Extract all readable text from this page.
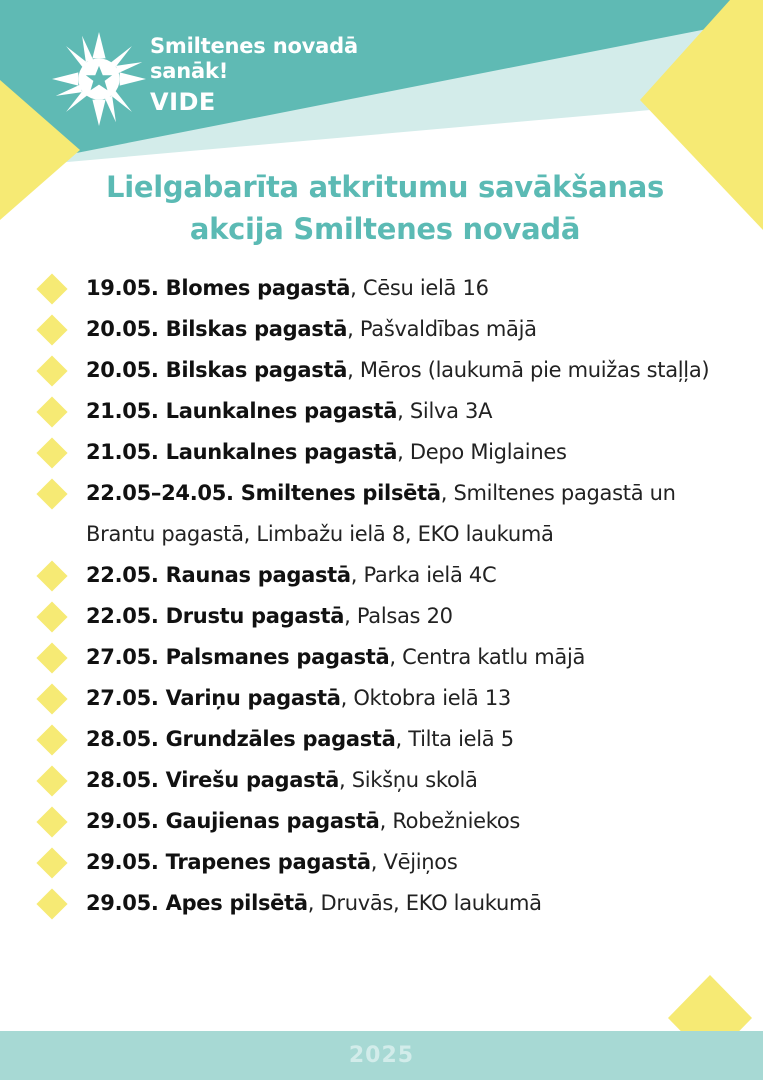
Smiltenes novadā
sanāk!
VIDE
Lielgabarīta atkritumu savākšanas
akcija Smiltenes novadā
19.05. Blomes pagastā, Cēsu ielā 16
20.05. Bilskas pagastā, Pašvaldības mājā
20.05. Bilskas pagastā, Mēros (laukumā pie muižas staļļa)
21.05. Launkalnes pagastā, Silva 3A
21.05. Launkalnes pagastā, Depo Miglaines
22.05–24.05. Smiltenes pilsētā, Smiltenes pagastā un Brantu pagastā, Limbažu ielā 8, EKO laukumā
22.05. Raunas pagastā, Parka ielā 4C
22.05. Drustu pagastā, Palsas 20
27.05. Palsmanes pagastā, Centra katlu mājā
27.05. Variņu pagastā, Oktobra ielā 13
28.05. Grundzāles pagastā, Tilta ielā 5
28.05. Virešu pagastā, Sikšņu skolā
29.05. Gaujienas pagastā, Robežniekos
29.05. Trapenes pagastā, Vējiņos
29.05. Apes pilsētā, Druvās, EKO laukumā
2025
